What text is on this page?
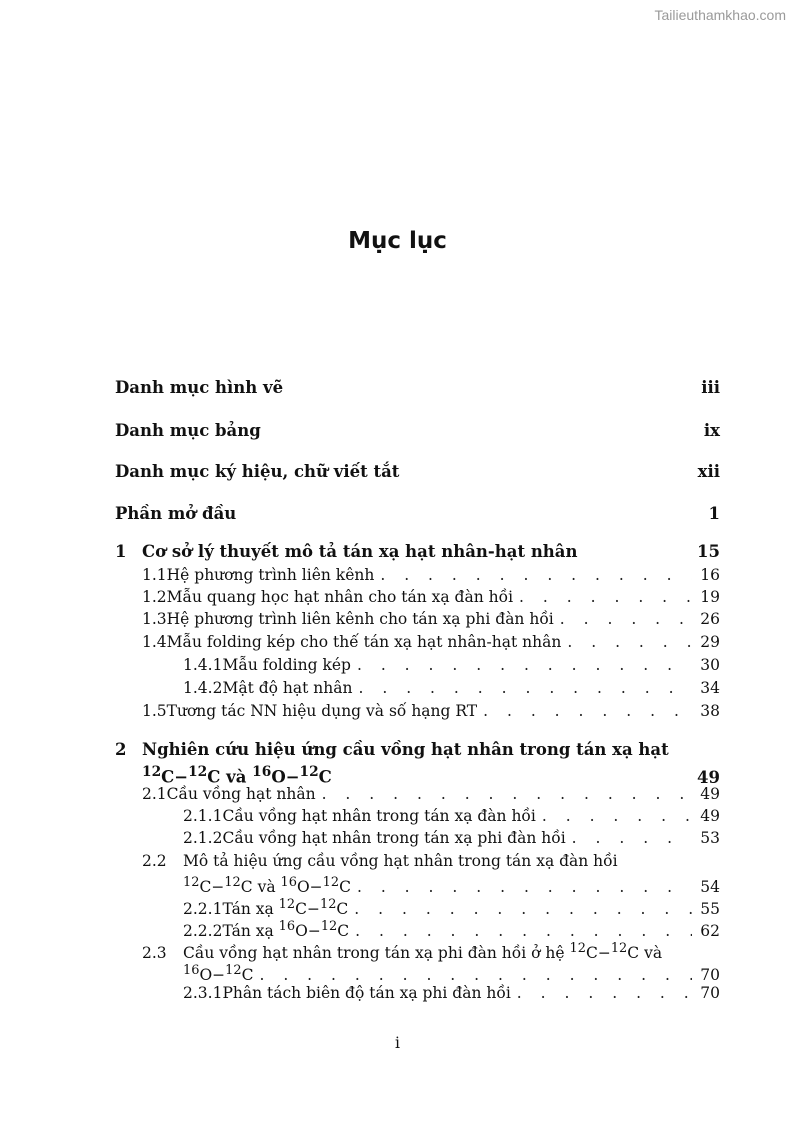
Tailieuthamkhao.com
Mục lục
Danh mục hình vẽ	iii
Danh mục bảng	ix
Danh mục ký hiệu, chữ viết tắt	xii
Phần mở đầu	1
1 Cơ sở lý thuyết mô tả tán xạ hạt nhân-hạt nhân	15
1.1 Hệ phương trình liên kênh . . .	16
1.2 Mẫu quang học hạt nhân cho tán xạ đàn hồi . . .	19
1.3 Hệ phương trình liên kênh cho tán xạ phi đàn hồi . . .	26
1.4 Mẫu folding kép cho thế tán xạ hạt nhân-hạt nhân . . .	29
1.4.1 Mẫu folding kép . . .	30
1.4.2 Mật độ hạt nhân . . .	34
1.5 Tương tác NN hiệu dụng và số hạng RT . . .	38
2 Nghiên cứu hiệu ứng cầu vồng hạt nhân trong tán xạ hạt
$^{12}$C−$^{12}$C và $^{16}$O−$^{12}$C	49
2.1 Cầu vồng hạt nhân . . .	49
2.1.1 Cầu vồng hạt nhân trong tán xạ đàn hồi . . .	49
2.1.2 Cầu vồng hạt nhân trong tán xạ phi đàn hồi . . .	53
2.2	Mô tả hiệu ứng cầu vồng hạt nhân trong tán xạ đàn hồi
$^{12}$C−$^{12}$C và $^{16}$O−$^{12}$C . . .	54
2.2.1 Tán xạ $^{12}$C−$^{12}$C . . .	55
2.2.2 Tán xạ $^{16}$O−$^{12}$C . . .	62
2.3	Cầu vồng hạt nhân trong tán xạ phi đàn hồi ở hệ $^{12}$C−$^{12}$C và
$^{16}$O−$^{12}$C . . .	70
2.3.1 Phân tách biên độ tán xạ phi đàn hồi . . .	70
i
